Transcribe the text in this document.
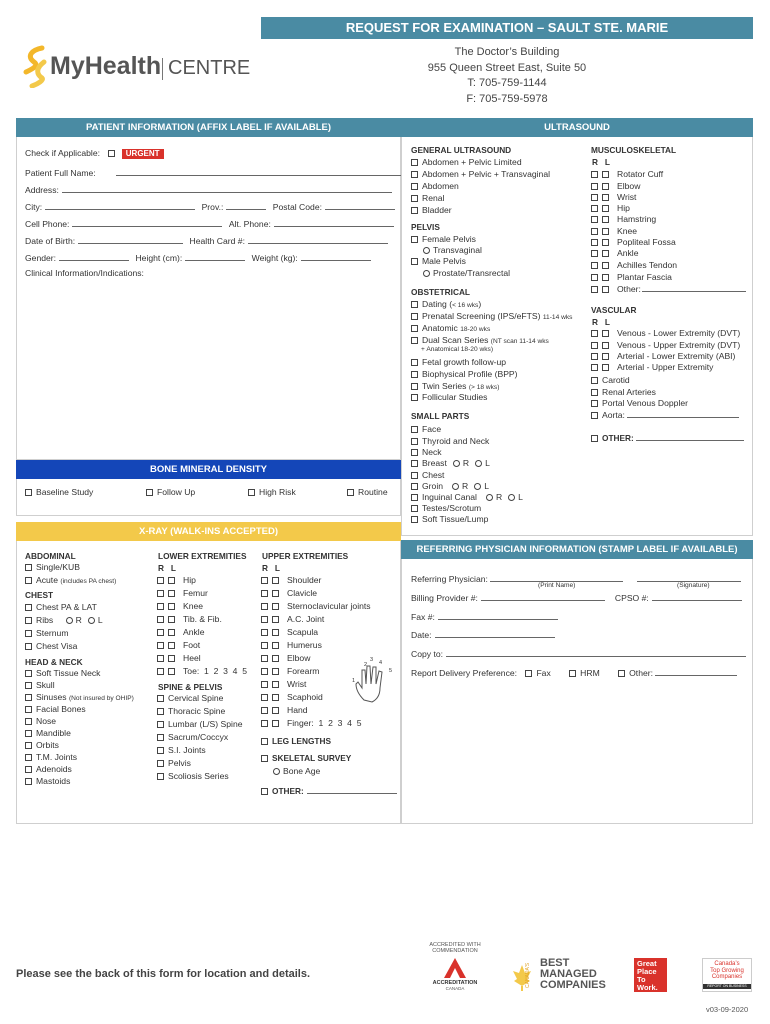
MyHealth CENTRE
REQUEST FOR EXAMINATION – SAULT STE. MARIE
The Doctor’s Building
955 Queen Street East, Suite 50
T: 705-759-1144
F: 705-759-5978
PATIENT INFORMATION (AFFIX LABEL IF AVAILABLE)
Check if Applicable:	URGENT
Patient Full Name:
Address:
City:	Prov.:	Postal Code:
Cell Phone:	Alt. Phone:
Date of Birth:	Health Card #:
Gender:	Height (cm):	Weight (kg):
Clinical Information/Indications:
BONE MINERAL DENSITY
Baseline Study	Follow Up	High Risk	Routine
X-RAY (WALK-INS ACCEPTED)
ABDOMINAL
Single/KUB
Acute (includes PA chest)
CHEST
Chest PA & LAT
Ribs	R L
Sternum
Chest Visa
HEAD & NECK
Soft Tissue Neck
Skull
Sinuses (Not insured by OHIP)
Facial Bones
Nose
Mandible
Orbits
T.M. Joints
Adenoids
Mastoids
LOWER EXTREMITIES
R   L
Hip
Femur
Knee
Tib. & Fib.
Ankle
Foot
Heel
Toe:  1  2  3  4  5
SPINE & PELVIS
Cervical Spine
Thoracic Spine
Lumbar (L/S) Spine
Sacrum/Coccyx
S.I. Joints
Pelvis
Scoliosis Series
UPPER EXTREMITIES
R   L
Shoulder
Clavicle
Sternoclavicular joints
A.C. Joint
Scapula
Humerus
Elbow
Forearm
Wrist
Scaphoid
Hand
Finger:  1  2  3  4  5
LEG LENGTHS
SKELETAL SURVEY
Bone Age
OTHER:
1
2
3 4
5
ULTRASOUND
GENERAL ULTRASOUND
Abdomen + Pelvic Limited
Abdomen + Pelvic + Transvaginal
Abdomen
Renal
Bladder
PELVIS
Female Pelvis
Transvaginal
Male Pelvis
Prostate/Transrectal
OBSTETRICAL
Dating (< 16 wks)
Prenatal Screening (IPS/eFTS) 11-14 wks
Anatomic 18-20 wks
Dual Scan Series (NT scan 11-14 wks
+ Anatomical 18-20 wks)
Fetal growth follow-up
Biophysical Profile (BPP)
Twin Series (> 18 wks)
Follicular Studies
SMALL PARTS
Face
Thyroid and Neck
Neck
Breast R L
Chest
Groin R L
Inguinal Canal R L
Testes/Scrotum
Soft Tissue/Lump
MUSCULOSKELETAL
R   L
Rotator Cuff
Elbow
Wrist
Hip
Hamstring
Knee
Popliteal Fossa
Ankle
Achilles Tendon
Plantar Fascia
Other:
VASCULAR
R   L
Venous - Lower Extremity (DVT)
Venous - Upper Extremity (DVT)
Arterial - Lower Extremity (ABI)
Arterial - Upper Extremity
Carotid
Renal Arteries
Portal Venous Doppler
Aorta:
OTHER:
REFERRING PHYSICIAN INFORMATION (STAMP LABEL IF AVAILABLE)
Referring Physician:
(Print Name)	(Signature)
Billing Provider #:	CPSO #:
Fax #:
Date:
Copy to:
Report Delivery Preference: Fax	HRM	Other:
Please see the back of this form for location and details.
ACCREDITED WITH
COMMENDATION
ACCREDITATION
CANADA
CANADA'S BEST
MANAGED
COMPANIES
Great
Place
To
Work.
Canada’s
Top Growing
Companies
REPORT ON BUSINESS
v03-09-2020
